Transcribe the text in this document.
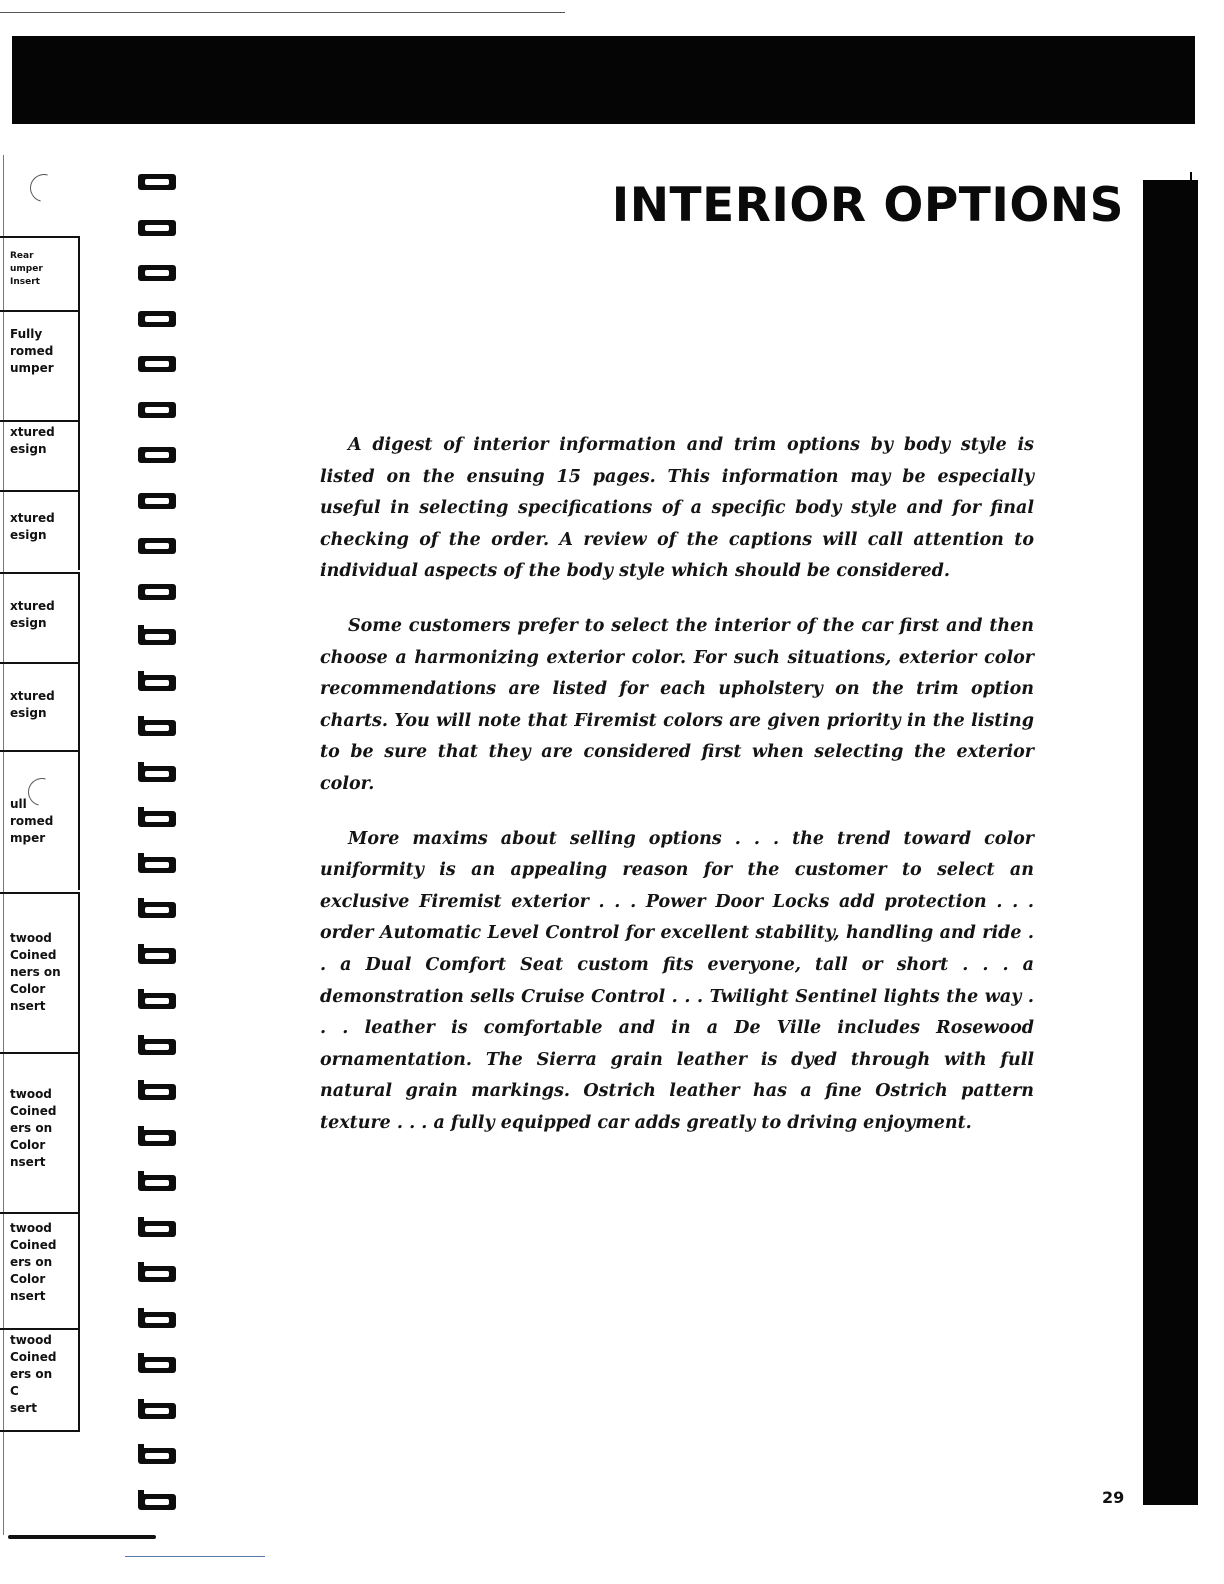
Rear
umper
Insert
Fully
romed
umper
xtured
esign
xtured
esign
xtured
esign
xtured
esign
ull
romed
mper
twood
Coined
ners on
Color
nsert
twood
Coined
ers on
Color
nsert
twood
Coined
ers on
Color
nsert
twood
Coined
ers on
C
sert
INTERIOR OPTIONS

A digest of interior information and trim options by body style is listed on the ensuing 15 pages. This information may be especially useful in selecting specifications of a specific body style and for final checking of the order. A review of the captions will call attention to individual aspects of the body style which should be considered.

Some customers prefer to select the interior of the car first and then choose a harmonizing exterior color. For such situations, exterior color recommendations are listed for each upholstery on the trim option charts. You will note that Firemist colors are given priority in the listing to be sure that they are considered first when selecting the exterior color.

More maxims about selling options . . . the trend toward color uniformity is an appealing reason for the customer to select an exclusive Firemist exterior . . . Power Door Locks add protection . . . order Automatic Level Control for excellent stability, handling and ride . . a Dual Comfort Seat custom fits everyone, tall or short . . . a demonstration sells Cruise Control . . . Twilight Sentinel lights the way . . . leather is comfortable and in a De Ville includes Rosewood ornamentation. The Sierra grain leather is dyed through with full natural grain markings. Ostrich leather has a fine Ostrich pattern texture . . . a fully equipped car adds greatly to driving enjoyment.

29
